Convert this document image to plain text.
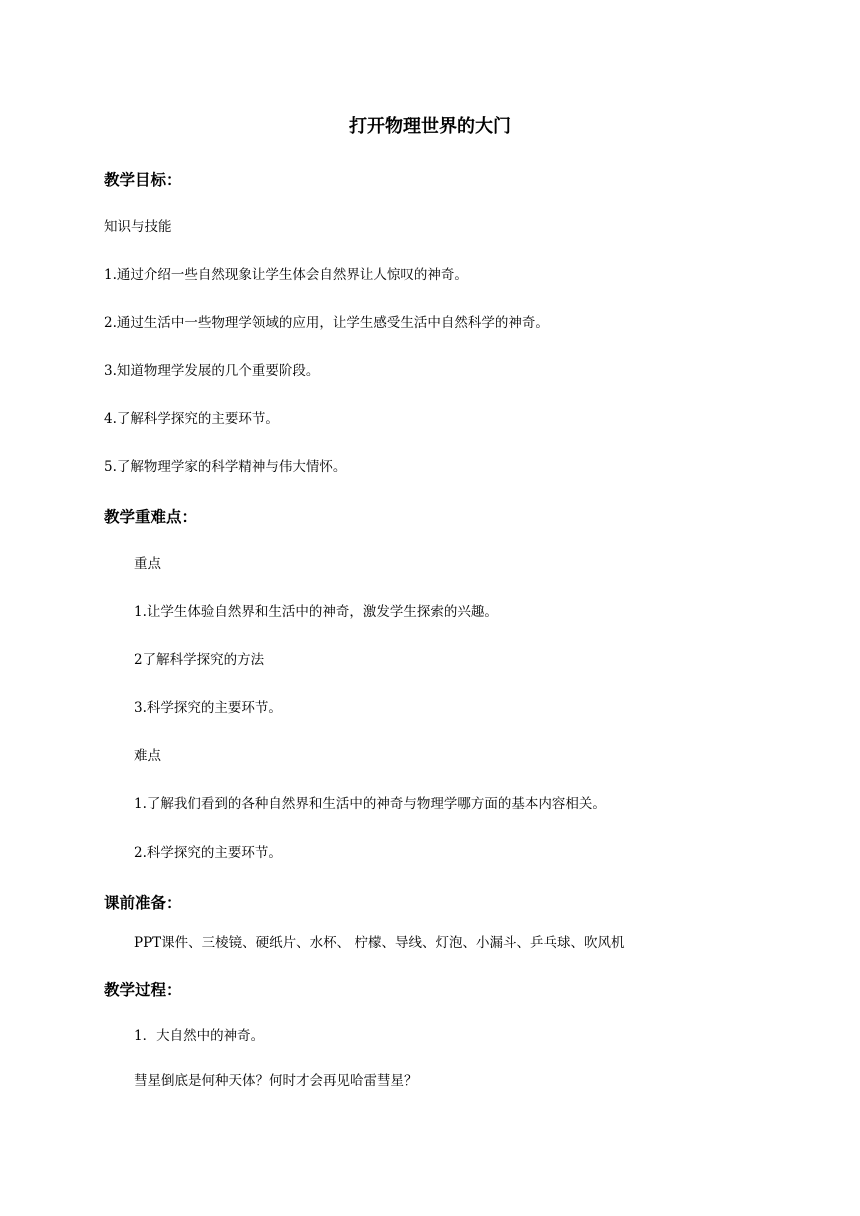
打开物理世界的大门
教学目标：
知识与技能
1.通过介绍一些自然现象让学生体会自然界让人惊叹的神奇。
2.通过生活中一些物理学领域的应用，让学生感受生活中自然科学的神奇。
3.知道物理学发展的几个重要阶段。
4.了解科学探究的主要环节。
5.了解物理学家的科学精神与伟大情怀。
教学重难点：
重点
1.让学生体验自然界和生活中的神奇，激发学生探索的兴趣。
2了解科学探究的方法
3.科学探究的主要环节。
难点
1.了解我们看到的各种自然界和生活中的神奇与物理学哪方面的基本内容相关。
2.科学探究的主要环节。
课前准备：
PPT课件、三棱镜、硬纸片、水杯、 柠檬、导线、灯泡、小漏斗、乒乓球、吹风机
教学过程：
1．大自然中的神奇。
彗星倒底是何种天体？何时才会再见哈雷彗星？
